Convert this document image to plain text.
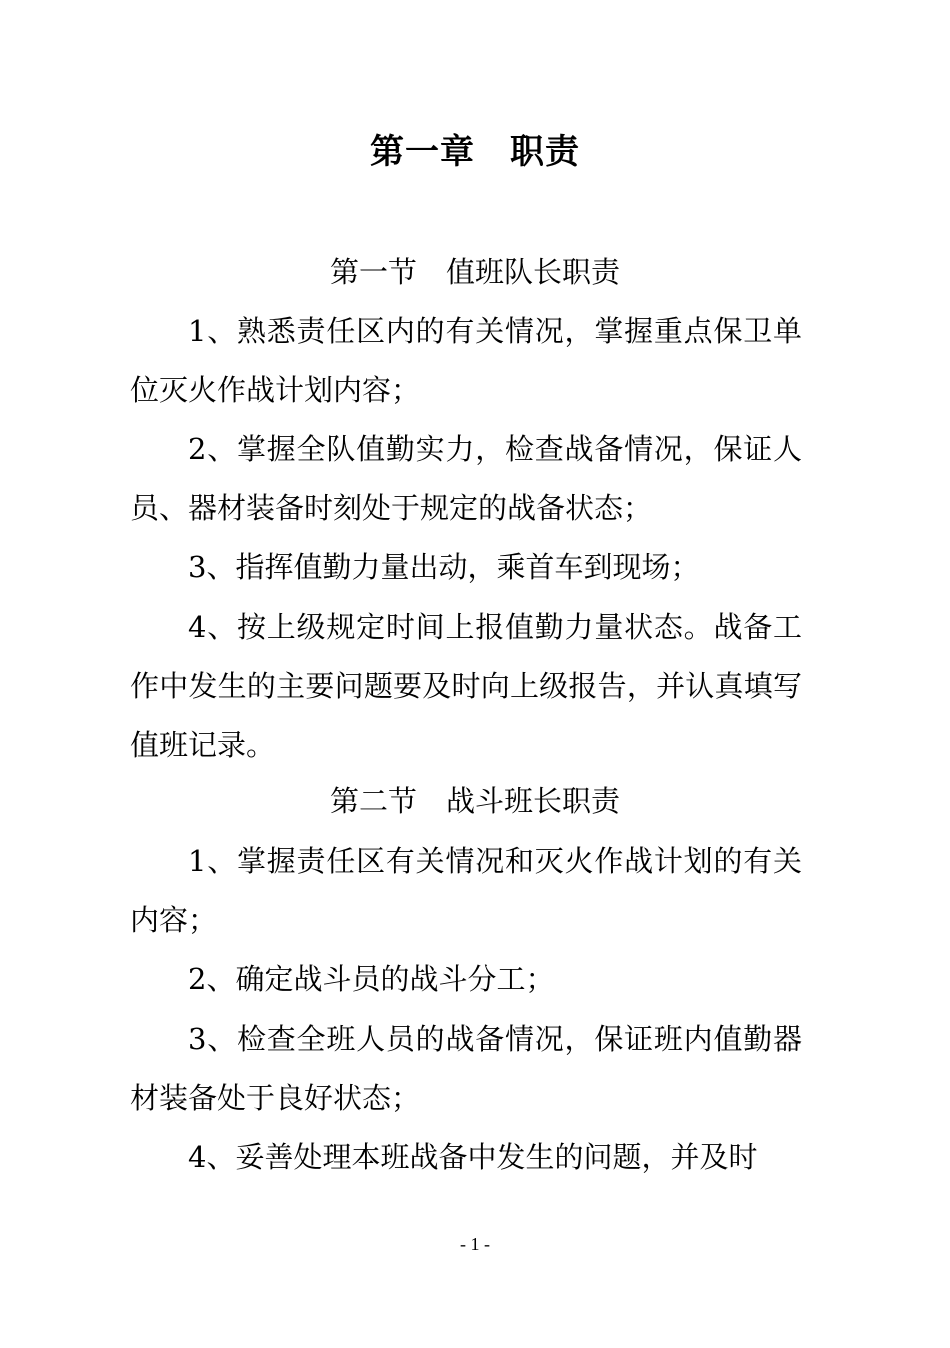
第一章　职责
第一节　值班队长职责

1、熟悉责任区内的有关情况，掌握重点保卫单位灭火作战计划内容；

2、掌握全队值勤实力，检查战备情况，保证人员、器材装备时刻处于规定的战备状态；

3、指挥值勤力量出动，乘首车到现场；

4、按上级规定时间上报值勤力量状态。战备工作中发生的主要问题要及时向上级报告，并认真填写值班记录。

第二节　战斗班长职责

1、掌握责任区有关情况和灭火作战计划的有关内容；

2、确定战斗员的战斗分工；

3、检查全班人员的战备情况，保证班内值勤器材装备处于良好状态；

4、妥善处理本班战备中发生的问题，并及时

- 1 -
